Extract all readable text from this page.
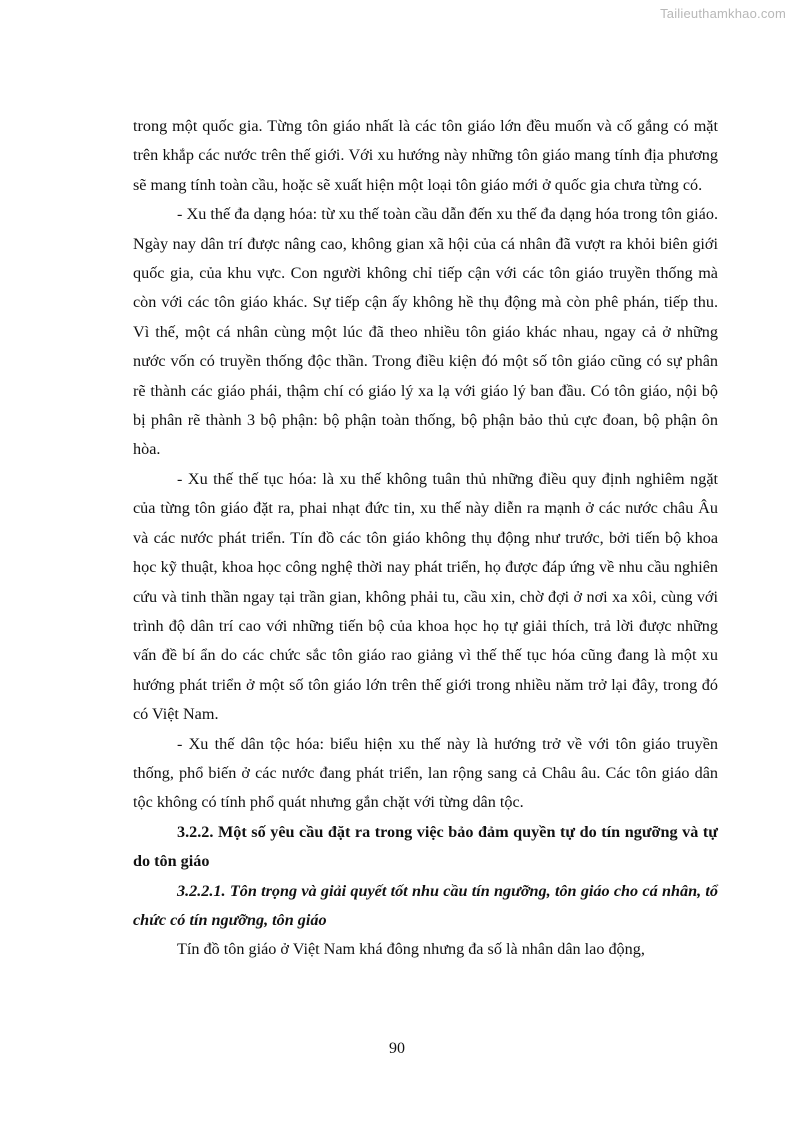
Tailieuthamkhao.com

trong một quốc gia. Từng tôn giáo nhất là các tôn giáo lớn đều muốn và cố gắng có mặt trên khắp các nước trên thế giới. Với xu hướng này những tôn giáo mang tính địa phương sẽ mang tính toàn cầu, hoặc sẽ xuất hiện một loại tôn giáo mới ở quốc gia chưa từng có.

- Xu thế đa dạng hóa: từ xu thế toàn cầu dẫn đến xu thế đa dạng hóa trong tôn giáo. Ngày nay dân trí được nâng cao, không gian xã hội của cá nhân đã vượt ra khỏi biên giới quốc gia, của khu vực. Con người không chỉ tiếp cận với các tôn giáo truyền thống mà còn với các tôn giáo khác. Sự tiếp cận ấy không hề thụ động mà còn phê phán, tiếp thu. Vì thế, một cá nhân cùng một lúc đã theo nhiều tôn giáo khác nhau, ngay cả ở những nước vốn có truyền thống độc thần. Trong điều kiện đó một số tôn giáo cũng có sự phân rẽ thành các giáo phái, thậm chí có giáo lý xa lạ với giáo lý ban đầu. Có tôn giáo, nội bộ bị phân rẽ thành 3 bộ phận: bộ phận toàn thống, bộ phận bảo thủ cực đoan, bộ phận ôn hòa.

- Xu thế thế tục hóa: là xu thế không tuân thủ những điều quy định nghiêm ngặt của từng tôn giáo đặt ra, phai nhạt đức tin, xu thế này diễn ra mạnh ở các nước châu Âu và các nước phát triển. Tín đồ các tôn giáo không thụ động như trước, bởi tiến bộ khoa học kỹ thuật, khoa học công nghệ thời nay phát triển, họ được đáp ứng về nhu cầu nghiên cứu và tinh thần ngay tại trần gian, không phải tu, cầu xin, chờ đợi ở nơi xa xôi, cùng với trình độ dân trí cao với những tiến bộ của khoa học họ tự giải thích, trả lời được những vấn đề bí ẩn do các chức sắc tôn giáo rao giảng vì thế thế tục hóa cũng đang là một xu hướng phát triển ở một số tôn giáo lớn trên thế giới trong nhiều năm trở lại đây, trong đó có Việt Nam.

- Xu thế dân tộc hóa: biểu hiện xu thế này là hướng trở về với tôn giáo truyền thống, phổ biến ở các nước đang phát triển, lan rộng sang cả Châu âu. Các tôn giáo dân tộc không có tính phổ quát nhưng gắn chặt với từng dân tộc.

3.2.2. Một số yêu cầu đặt ra trong việc bảo đảm quyền tự do tín ngưỡng và tự do tôn giáo

3.2.2.1. Tôn trọng và giải quyết tốt nhu cầu tín ngưỡng, tôn giáo cho cá nhân, tổ chức có tín ngưỡng, tôn giáo

Tín đồ tôn giáo ở Việt Nam khá đông nhưng đa số là nhân dân lao động,

90
